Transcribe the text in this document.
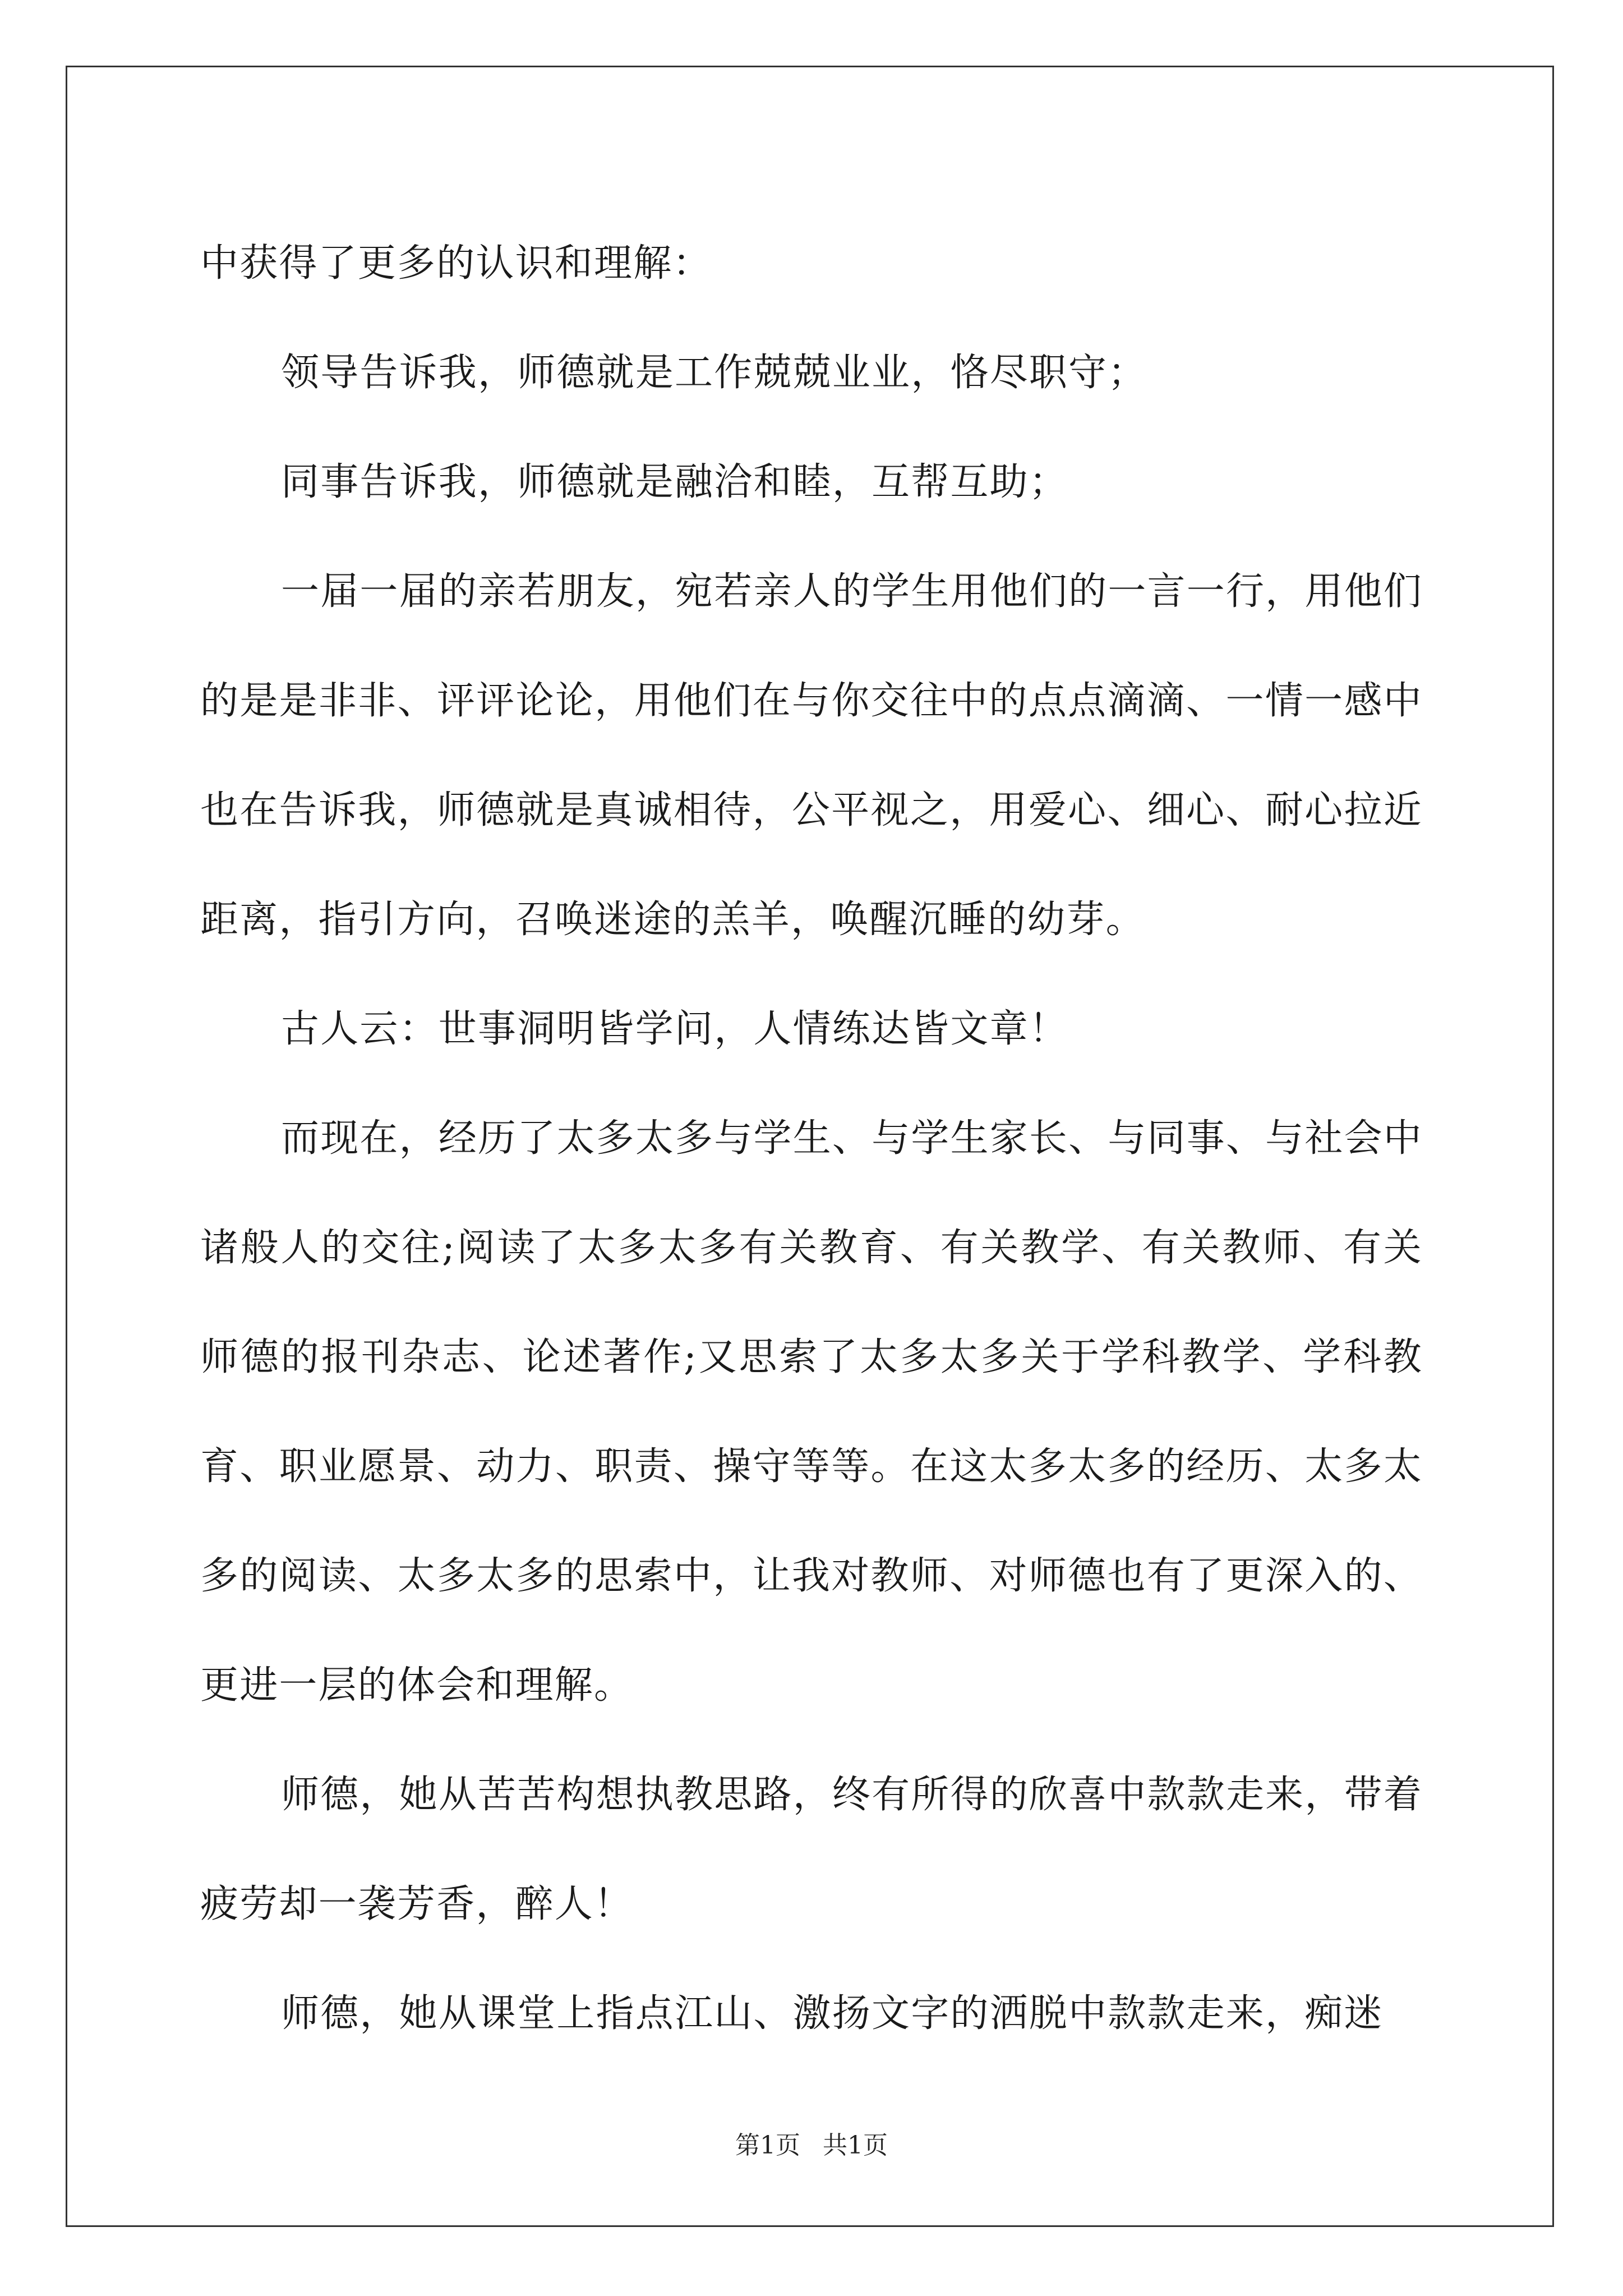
中获得了更多的认识和理解：

领导告诉我，师德就是工作兢兢业业，恪尽职守；

同事告诉我，师德就是融洽和睦，互帮互助；

一届一届的亲若朋友，宛若亲人的学生用他们的一言一行，用他们的是是非非、评评论论，用他们在与你交往中的点点滴滴、一情一感中也在告诉我，师德就是真诚相待，公平视之，用爱心、细心、耐心拉近距离，指引方向，召唤迷途的羔羊，唤醒沉睡的幼芽。

古人云：世事洞明皆学问，人情练达皆文章！

而现在，经历了太多太多与学生、与学生家长、与同事、与社会中诸般人的交往;阅读了太多太多有关教育、有关教学、有关教师、有关师德的报刊杂志、论述著作;又思索了太多太多关于学科教学、学科教育、职业愿景、动力、职责、操守等等。在这太多太多的经历、太多太多的阅读、太多太多的思索中，让我对教师、对师德也有了更深入的、更进一层的体会和理解。

师德，她从苦苦构想执教思路，终有所得的欣喜中款款走来，带着疲劳却一袭芳香，醉人！

师德，她从课堂上指点江山、激扬文字的洒脱中款款走来，痴迷

第1页 共1页
